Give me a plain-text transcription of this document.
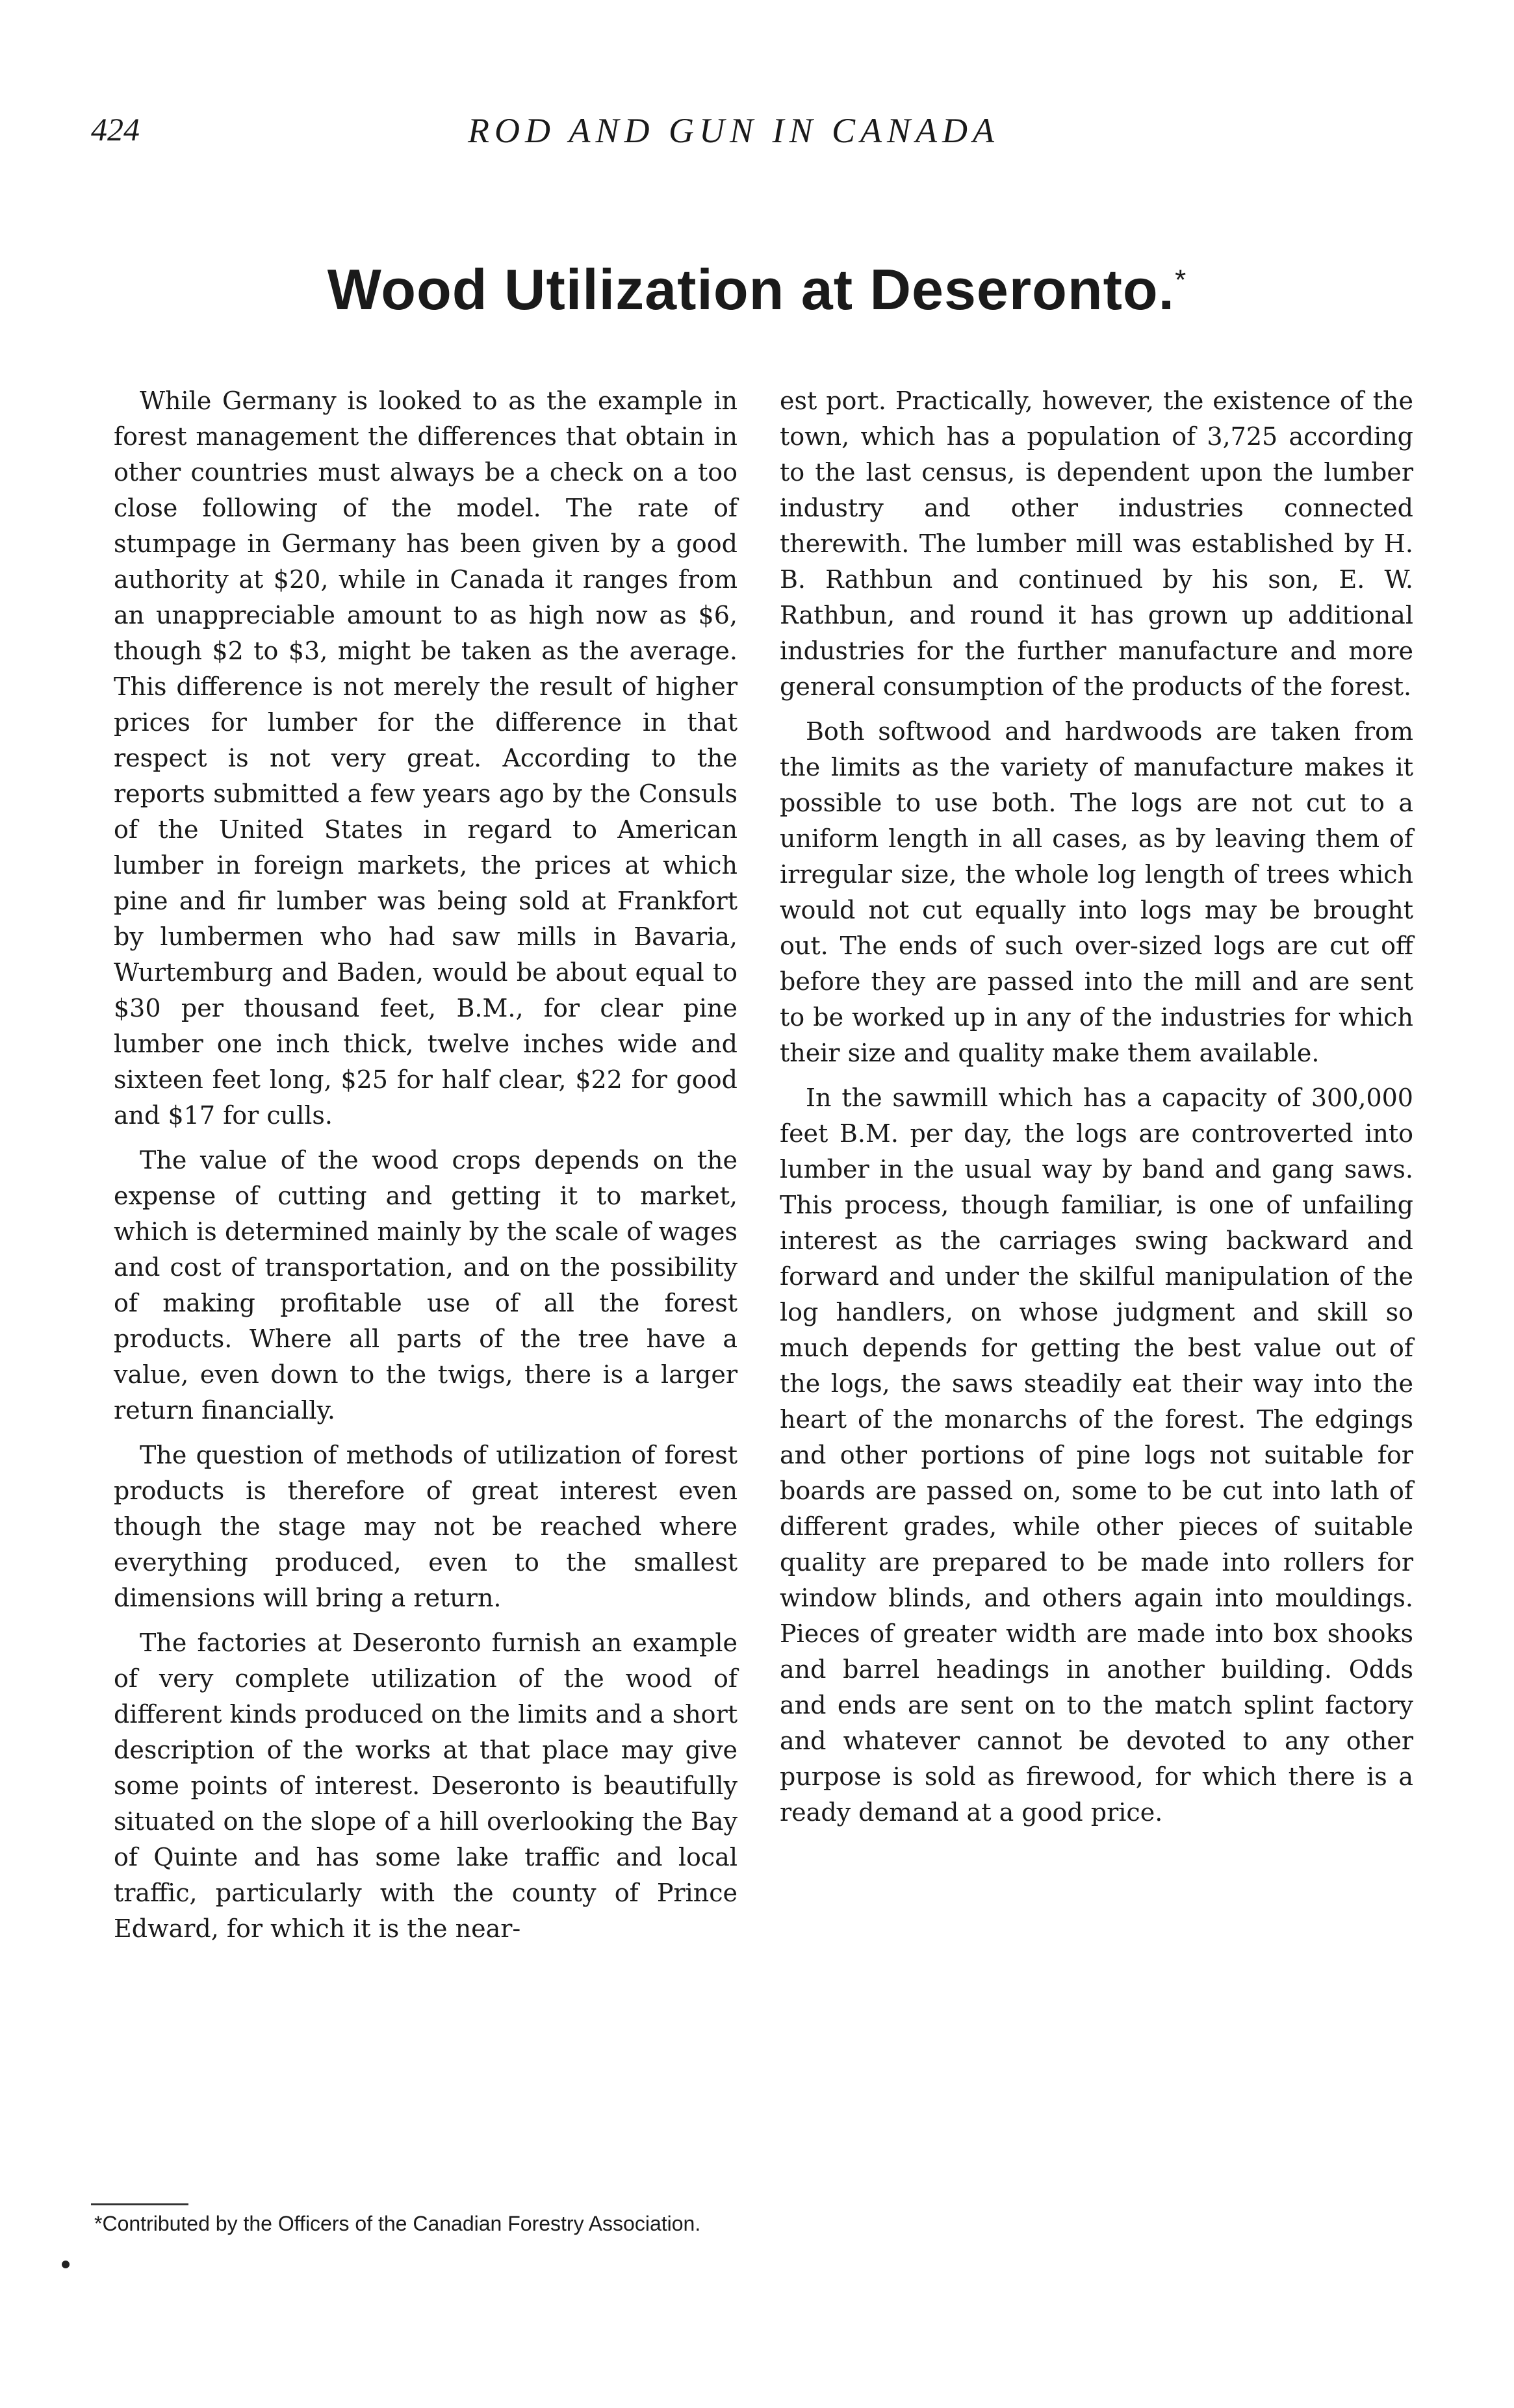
424	ROD AND GUN IN CANADA
Wood Utilization at Deseronto.*

While Germany is looked to as the example in forest management the differences that obtain in other countries must always be a check on a too close following of the model. The rate of stumpage in Germany has been given by a good authority at $20, while in Canada it ranges from an unappreciable amount to as high now as $6, though $2 to $3, might be taken as the average. This difference is not merely the result of higher prices for lumber for the difference in that respect is not very great. According to the reports submitted a few years ago by the Consuls of the United States in regard to American lumber in foreign markets, the prices at which pine and fir lumber was being sold at Frankfort by lumbermen who had saw mills in Bavaria, Wurtemburg and Baden, would be about equal to $30 per thousand feet, B.M., for clear pine lumber one inch thick, twelve inches wide and sixteen feet long, $25 for half clear, $22 for good and $17 for culls.

The value of the wood crops depends on the expense of cutting and getting it to market, which is determined mainly by the scale of wages and cost of transportation, and on the possibility of making profitable use of all the forest products. Where all parts of the tree have a value, even down to the twigs, there is a larger return financially.

The question of methods of utilization of forest products is therefore of great interest even though the stage may not be reached where everything produced, even to the smallest dimensions will bring a return.

The factories at Deseronto furnish an example of very complete utilization of the wood of different kinds produced on the limits and a short description of the works at that place may give some points of interest. Deseronto is beautifully situated on the slope of a hill overlooking the Bay of Quinte and has some lake traffic and local traffic, particularly with the county of Prince Edward, for which it is the near-

est port. Practically, however, the existence of the town, which has a population of 3,725 according to the last census, is dependent upon the lumber industry and other industries connected therewith. The lumber mill was established by H. B. Rathbun and continued by his son, E. W. Rathbun, and round it has grown up additional industries for the further manufacture and more general consumption of the products of the forest.

Both softwood and hardwoods are taken from the limits as the variety of manufacture makes it possible to use both. The logs are not cut to a uniform length in all cases, as by leaving them of irregular size, the whole log length of trees which would not cut equally into logs may be brought out. The ends of such over-sized logs are cut off before they are passed into the mill and are sent to be worked up in any of the industries for which their size and quality make them available.

In the sawmill which has a capacity of 300,000 feet B.M. per day, the logs are controverted into lumber in the usual way by band and gang saws. This process, though familiar, is one of unfailing interest as the carriages swing backward and forward and under the skilful manipulation of the log handlers, on whose judgment and skill so much depends for getting the best value out of the logs, the saws steadily eat their way into the heart of the monarchs of the forest. The edgings and other portions of pine logs not suitable for boards are passed on, some to be cut into lath of different grades, while other pieces of suitable quality are prepared to be made into rollers for window blinds, and others again into mouldings. Pieces of greater width are made into box shooks and barrel headings in another building. Odds and ends are sent on to the match splint factory and whatever cannot be devoted to any other purpose is sold as firewood, for which there is a ready demand at a good price.

*Contributed by the Officers of the Canadian Forestry Association.
